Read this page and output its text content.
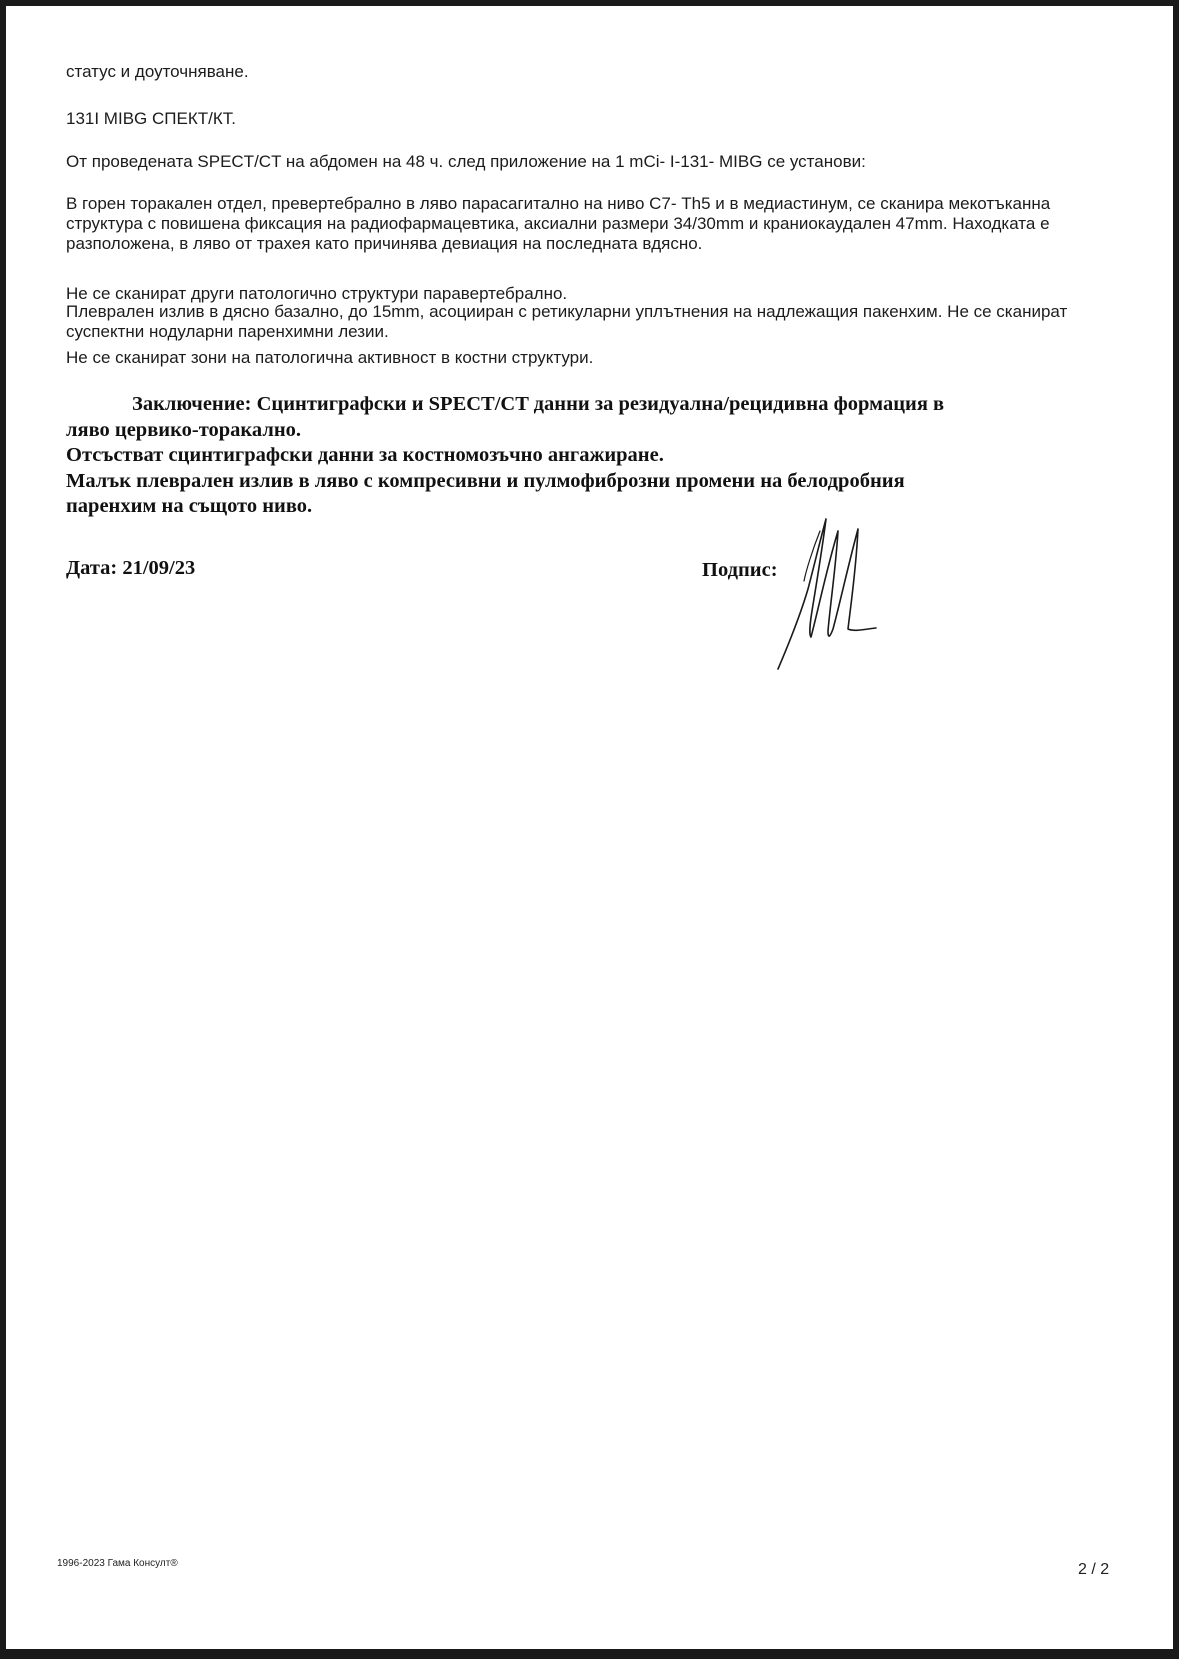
статус и доуточняване.

131I MIBG СПЕКТ/КТ.

От проведената SPECT/CT на абдомен на 48 ч. след приложение на 1 mCi- I-131- MIBG се установи:

В горен торакален отдел, превертебрално в ляво парасагитално на ниво С7- Th5 и в медиастинум, се сканира мекотъканна структура с повишена фиксация на радиофармацевтика, аксиални размери 34/30mm и краниокаудален 47mm. Находката е разположена, в ляво от трахея като причинява девиация на последната вдясно.

Не се сканират други патологично структури паравертебрално.

Плеврален излив в дясно базално, до 15mm, асоцииран с ретикуларни уплътнения на надлежащия пакенхим. Не се сканират суспектни нодуларни паренхимни лезии.

Не се сканират зони на патологична активност в костни структури.

Заключение: Сцинтиграфски и SPECT/CT данни за резидуална/рецидивна формация в
ляво цервико-торакално.
Отсъстват сцинтиграфски данни за костномозъчно ангажиране.
Малък плеврален излив в ляво с компресивни и пулмофиброзни промени на белодробния
паренхим на същото ниво.

Дата: 21/09/23	Подпис:

1996-2023 Гама Консулт®	2 / 2
